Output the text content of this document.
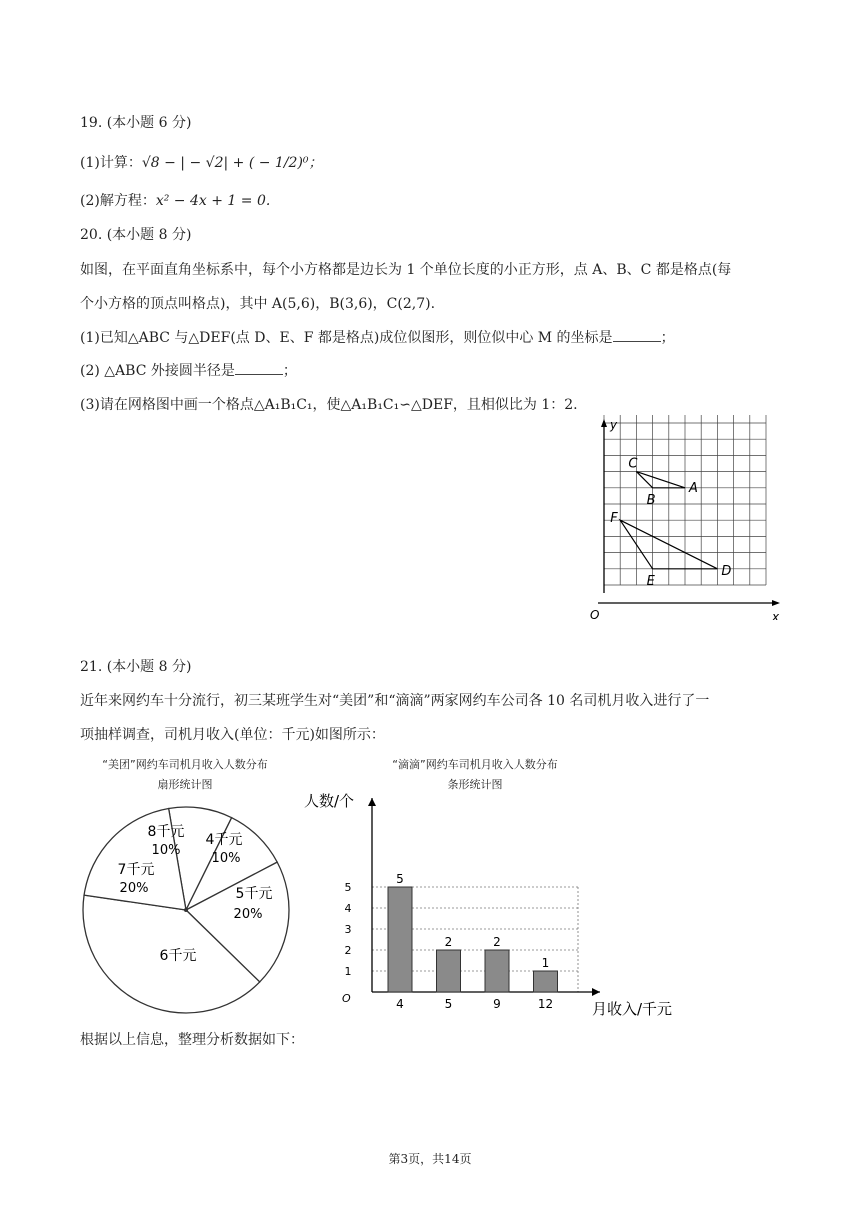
19. (本小题 6 分)
(1)计算：√8 − | − √2| + ( − 1/2)⁰；
(2)解方程：x² − 4x + 1 = 0.
20. (本小题 8 分)
如图，在平面直角坐标系中，每个小方格都是边长为 1 个单位长度的小正方形，点 A、B、C 都是格点(每
个小方格的顶点叫格点)，其中 A(5,6)，B(3,6)，C(2,7).
(1)已知△ABC 与△DEF(点 D、E、F 都是格点)成位似图形，则位似中心 M 的坐标是	；
(2) △ABC 外接圆半径是	；
(3)请在网格图中画一个格点△A₁B₁C₁，使△A₁B₁C₁∽△DEF，且相似比为 1：2.
y
x
O
A
B
C
D
E
F
21. (本小题 8 分)
近年来网约车十分流行，初三某班学生对“美团”和“滴滴”两家网约车公司各 10 名司机月收入进行了一
项抽样调查，司机月收入(单位：千元)如图所示：
“美团”网约车司机月收入人数分布
扇形统计图
“滴滴”网约车司机月收入人数分布
条形统计图
8千元
10%
4千元
10%
5千元
20%
6千元
7千元
20%
人数/个
月收入/千元
O
1
2
3
4
5
5
4
2
5
2
9
1
12
根据以上信息，整理分析数据如下：
第3页，共14页
